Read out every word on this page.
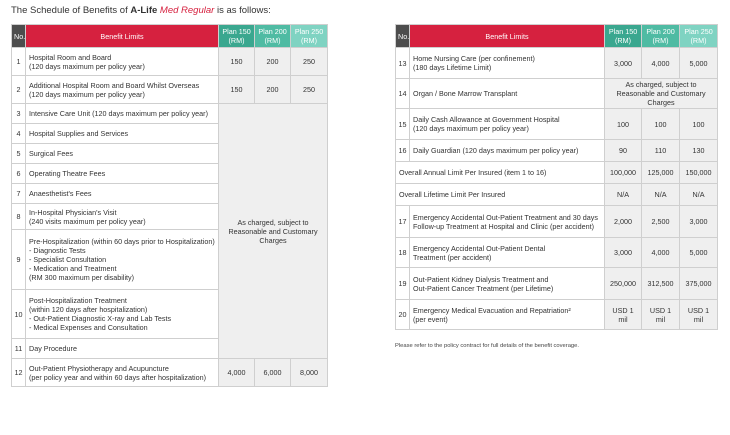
The Schedule of Benefits of A-Life Med Regular is as follows:
No.	Benefit Limits	Plan 150 (RM)	Plan 200 (RM)	Plan 250 (RM)
1	Hospital Room and Board
(120 days maximum per policy year)	150	200	250
2	Additional Hospital Room and Board Whilst Overseas
(120 days maximum per policy year)	150	200	250
3	Intensive Care Unit (120 days maximum per policy year)	As charged, subject to Reasonable and Customary Charges		
4	Hospital Supplies and Services			
5	Surgical Fees			
6	Operating Theatre Fees			
7	Anaesthetist's Fees			
8	In-Hospital Physician's Visit
(240 visits maximum per policy year)			

9	Pre-Hospitalization (within 60 days prior to Hospitalization)
- Diagnostic Tests
- Specialist Consultation
- Medication and Treatment
(RM 300 maximum per disability)			

10	Post-Hospitalization Treatment
(within 120 days after hospitalization)
- Out-Patient Diagnostic X-ray and Lab Tests
- Medical Expenses and Consultation			

11	Day Procedure			
12	Out-Patient Physiotherapy and Acupuncture
(per policy year and within 60 days after hospitalization)	4,000	6,000	8,000
No.	Benefit Limits	Plan 150 (RM)	Plan 200 (RM)	Plan 250 (RM)
13	Home Nursing Care (per confinement)
(180 days Lifetime Limit)	3,000	4,000	5,000
14	Organ / Bone Marrow Transplant	As charged, subject to Reasonable and Customary Charges		
15	Daily Cash Allowance at Government Hospital
(120 days maximum per policy year)	100	100	100
16	Daily Guardian (120 days maximum per policy year)	90	110	130
Overall Annual Limit Per Insured (item 1 to 16)		100,000	125,000	150,000
Overall Lifetime Limit Per Insured		N/A	N/A	N/A
17	Emergency Accidental Out-Patient Treatment and 30 days
Follow-up Treatment at Hospital and Clinic (per accident)	2,000	2,500	3,000
18	Emergency Accidental Out-Patient Dental
Treatment (per accident)	3,000	4,000	5,000
19	Out-Patient Kidney Dialysis Treatment and
Out-Patient Cancer Treatment (per Lifetime)	250,000	312,500	375,000
20	Emergency Medical Evacuation and Repatriation²
(per event)	USD 1 mil	USD 1 mil	USD 1 mil
Please refer to the policy contract for full details of the benefit coverage.
